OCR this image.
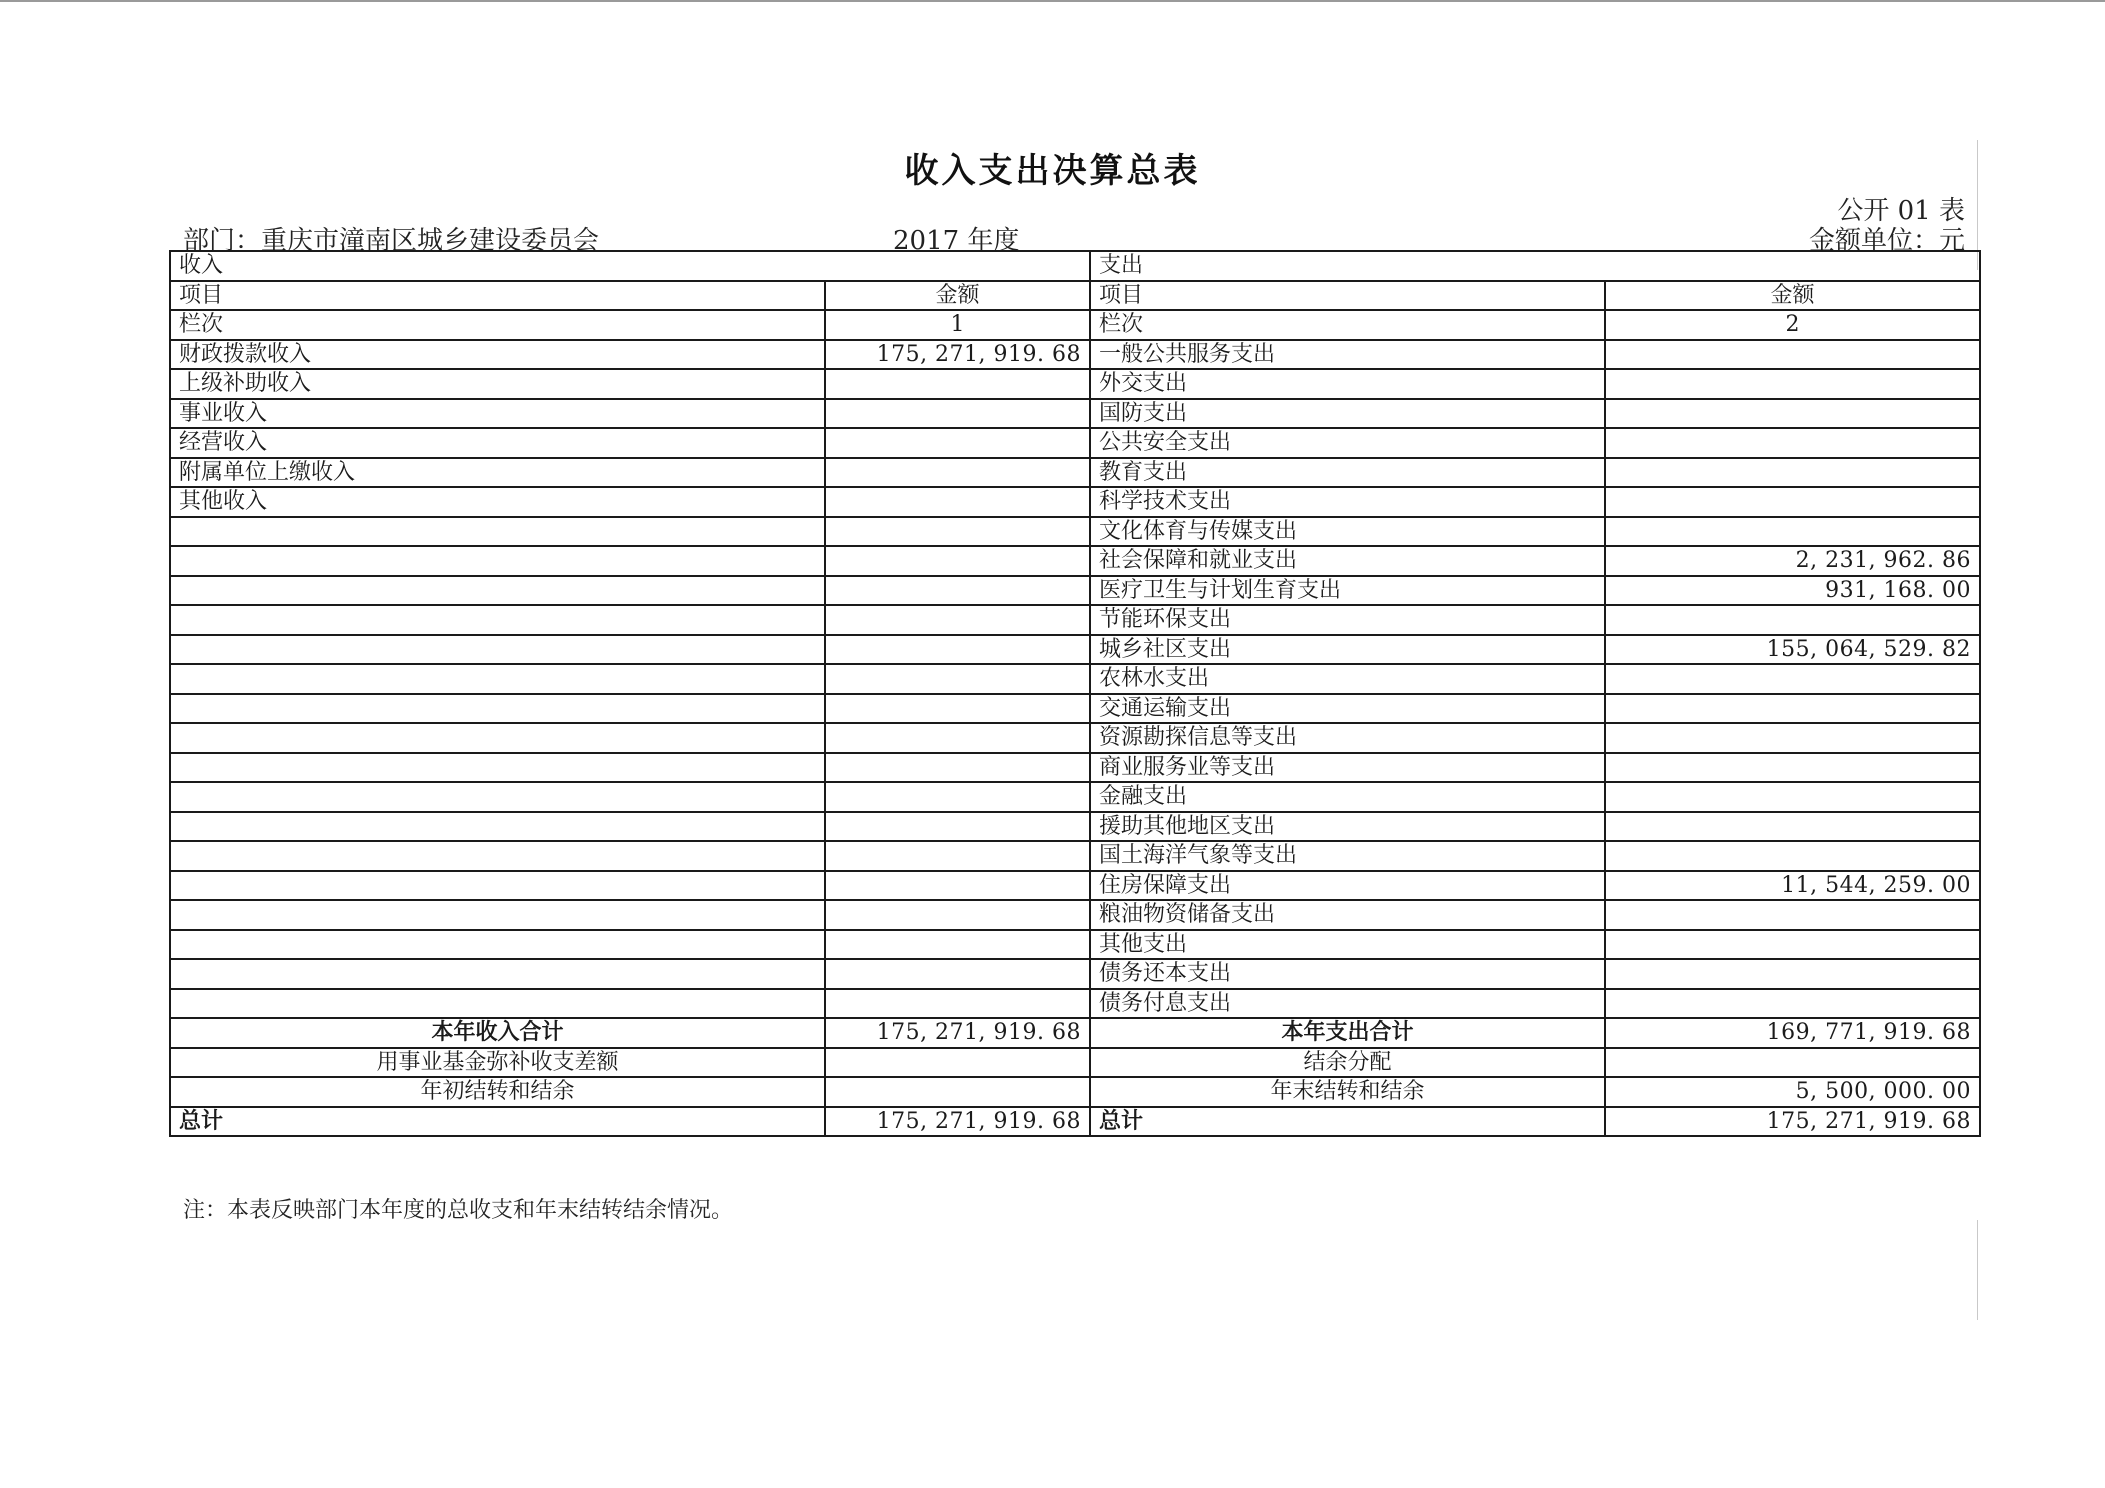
收入支出决算总表
公开 01 表
部门：重庆市潼南区城乡建设委员会	2017 年度	金额单位：元
收入		支出	
项目	金额	项目	金额
栏次	1	栏次	2
财政拨款收入	175, 271, 919. 68	一般公共服务支出	
上级补助收入		外交支出	
事业收入		国防支出	
经营收入		公共安全支出	
附属单位上缴收入		教育支出	
其他收入		科学技术支出	
		文化体育与传媒支出	
		社会保障和就业支出	2, 231, 962. 86
		医疗卫生与计划生育支出	931, 168. 00
		节能环保支出	
		城乡社区支出	155, 064, 529. 82
		农林水支出	
		交通运输支出	
		资源勘探信息等支出	
		商业服务业等支出	
		金融支出	
		援助其他地区支出	
		国土海洋气象等支出	
		住房保障支出	11, 544, 259. 00
		粮油物资储备支出	
		其他支出	
		债务还本支出	
		债务付息支出	
本年收入合计	175, 271, 919. 68	本年支出合计	169, 771, 919. 68
用事业基金弥补收支差额		结余分配	
年初结转和结余		年末结转和结余	5, 500, 000. 00
总计	175, 271, 919. 68	总计	175, 271, 919. 68
注：本表反映部门本年度的总收支和年末结转结余情况。
